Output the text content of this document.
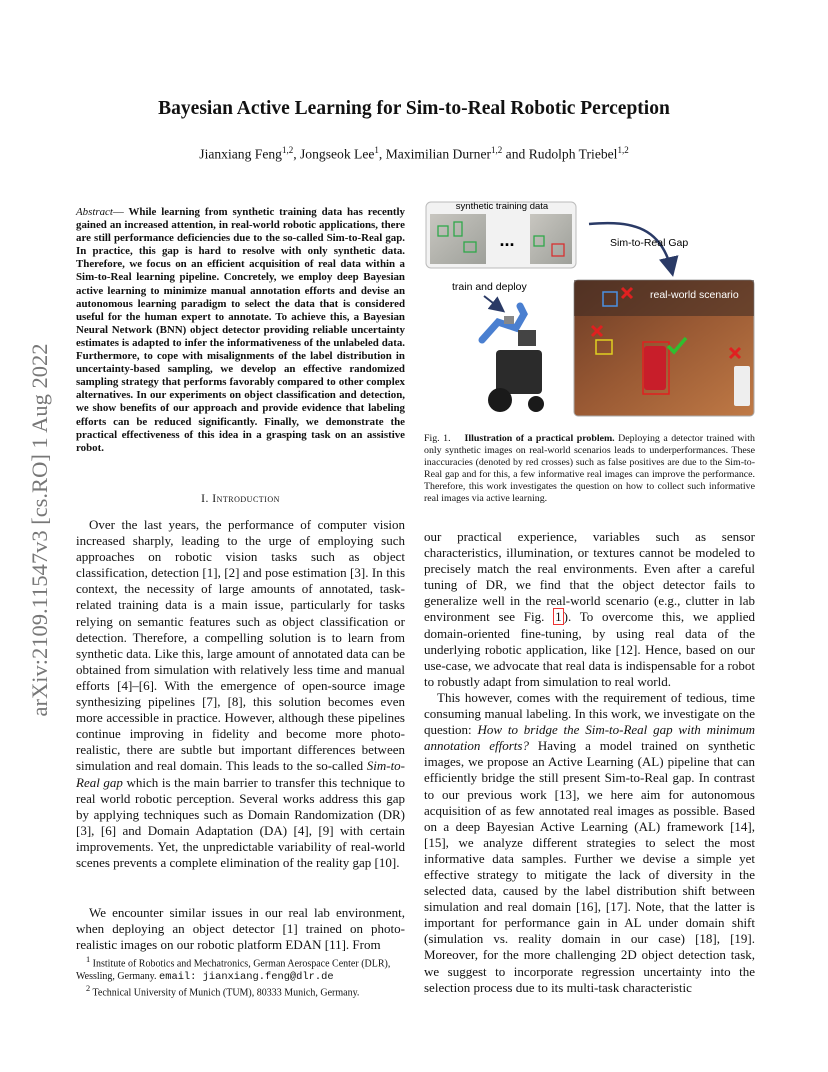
Bayesian Active Learning for Sim-to-Real Robotic Perception
Jianxiang Feng$^{1,2}$, Jongseok Lee$^1$, Maximilian Durner$^{1,2}$ and Rudolph Triebel$^{1,2}$
arXiv:2109.11547v3 [cs.RO] 1 Aug 2022
Abstract— While learning from synthetic training data has recently gained an increased attention, in real-world robotic applications, there are still performance deficiencies due to the so-called Sim-to-Real gap. In practice, this gap is hard to resolve with only synthetic data. Therefore, we focus on an efficient acquisition of real data within a Sim-to-Real learning pipeline. Concretely, we employ deep Bayesian active learning to minimize manual annotation efforts and devise an autonomous learning paradigm to select the data that is considered useful for the human expert to annotate. To achieve this, a Bayesian Neural Network (BNN) object detector providing reliable uncertainty estimates is adapted to infer the informativeness of the unlabeled data. Furthermore, to cope with misalignments of the label distribution in uncertainty-based sampling, we develop an effective randomized sampling strategy that performs favorably compared to other complex alternatives. In our experiments on object classification and detection, we show benefits of our approach and provide evidence that labeling efforts can be reduced significantly. Finally, we demonstrate the practical effectiveness of this idea in a grasping task on an assistive robot.
I. Introduction

Over the last years, the performance of computer vision increased sharply, leading to the urge of employing such approaches on robotic vision tasks such as object classification, detection [1], [2] and pose estimation [3]. In this context, the necessity of large amounts of annotated, task-related training data is a main issue, particularly for tasks relying on semantic features such as object classification or detection. Therefore, a compelling solution is to learn from synthetic data. Like this, large amount of annotated data can be obtained from simulation with relatively less time and manual efforts [4]–[6]. With the emergence of open-source image synthesizing pipelines [7], [8], this solution becomes even more accessible in practice. However, although these pipelines continue improving in fidelity and become more photo-realistic, there are subtle but important differences between simulation and real domain. This leads to the so-called Sim-to-Real gap which is the main barrier to transfer this technique to real world robotic perception. Several works address this gap by applying techniques such as Domain Randomization (DR) [3], [6] and Domain Adaptation (DA) [4], [9] with certain improvements. Yet, the unpredictable variability of real-world scenes prevents a complete elimination of the reality gap [10].

We encounter similar issues in our real lab environment, when deploying an object detector [1] trained on photo-realistic images on our robotic platform EDAN [11]. From

$^1$ Institute of Robotics and Mechatronics, German Aerospace Center (DLR), Wessling, Germany. email: jianxiang.feng@dlr.de

$^2$ Technical University of Munich (TUM), 80333 Munich, Germany.

synthetic training data
...	Sim-to-Real Gap
train and deploy
real-world scenario
Fig. 1. Illustration of a practical problem. Deploying a detector trained with only synthetic images on real-world scenarios leads to underperformances. These inaccuracies (denoted by red crosses) such as false positives are due to the Sim-to-Real gap and for this, a few informative real images can improve the performance. Therefore, this work investigates the question on how to collect such informative real images via active learning.

our practical experience, variables such as sensor characteristics, illumination, or textures cannot be modeled to precisely match the real environments. Even after a careful tuning of DR, we find that the object detector fails to generalize well in the real-world scenario (e.g., clutter in lab environment see Fig. 1 ). To overcome this, we applied domain-oriented fine-tuning, by using real data of the underlying robotic application, like [12]. Hence, based on our use-case, we advocate that real data is indispensable for a robot to robustly adapt from simulation to real world.

This however, comes with the requirement of tedious, time consuming manual labeling. In this work, we investigate on the question: How to bridge the Sim-to-Real gap with minimum annotation efforts? Having a model trained on synthetic images, we propose an Active Learning (AL) pipeline that can efficiently bridge the still present Sim-to-Real gap. In contrast to our previous work [13], we here aim for autonomous acquisition of as few annotated real images as possible. Based on a deep Bayesian Active Learning (AL) framework [14], [15], we analyze different strategies to select the most informative data samples. Further we devise a simple yet effective strategy to mitigate the lack of diversity in the selected data, caused by the label distribution shift between simulation and real domain [16], [17]. Note, that the latter is important for performance gain in AL under domain shift (simulation vs. reality domain in our case) [18], [19]. Moreover, for the more challenging 2D object detection task, we suggest to incorporate regression uncertainty into the selection process due to its multi-task characteristic
